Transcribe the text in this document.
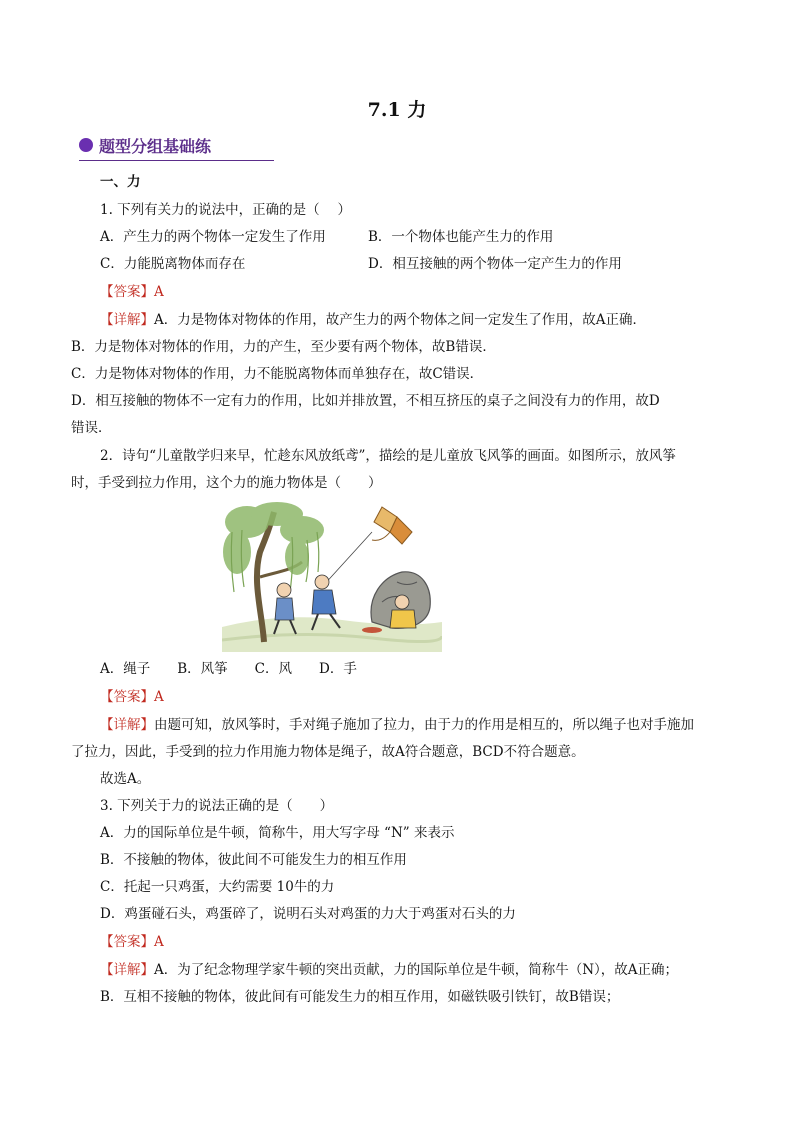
7.1 力
题型分组基础练
一、力
1. 下列有关力的说法中，正确的是（　 ）
A．产生力的两个物体一定发生了作用	B．一个物体也能产生力的作用
C．力能脱离物体而存在	D．相互接触的两个物体一定产生力的作用
【答案】A
【详解】A．力是物体对物体的作用，故产生力的两个物体之间一定发生了作用，故A正确．
B．力是物体对物体的作用，力的产生，至少要有两个物体，故B错误．
C．力是物体对物体的作用，力不能脱离物体而单独存在，故C错误．
D．相互接触的物体不一定有力的作用，比如并排放置，不相互挤压的桌子之间没有力的作用，故D
错误．
2．诗句“儿童散学归来早，忙趁东风放纸鸢”，描绘的是儿童放飞风筝的画面。如图所示，放风筝
时，手受到拉力作用，这个力的施力物体是（　　）
A．绳子　　B．风筝　　C．风　　D．手
【答案】A
【详解】由题可知，放风筝时，手对绳子施加了拉力，由于力的作用是相互的，所以绳子也对手施加
了拉力，因此，手受到的拉力作用施力物体是绳子，故A符合题意，BCD不符合题意。
故选A。
3. 下列关于力的说法正确的是（　　）
A．力的国际单位是牛顿，简称牛，用大写字母 “N” 来表示
B．不接触的物体，彼此间不可能发生力的相互作用
C．托起一只鸡蛋，大约需要 10牛的力
D．鸡蛋碰石头，鸡蛋碎了，说明石头对鸡蛋的力大于鸡蛋对石头的力
【答案】A
【详解】A．为了纪念物理学家牛顿的突出贡献，力的国际单位是牛顿，简称牛（N），故A正确；
B．互相不接触的物体，彼此间有可能发生力的相互作用，如磁铁吸引铁钉，故B错误；
